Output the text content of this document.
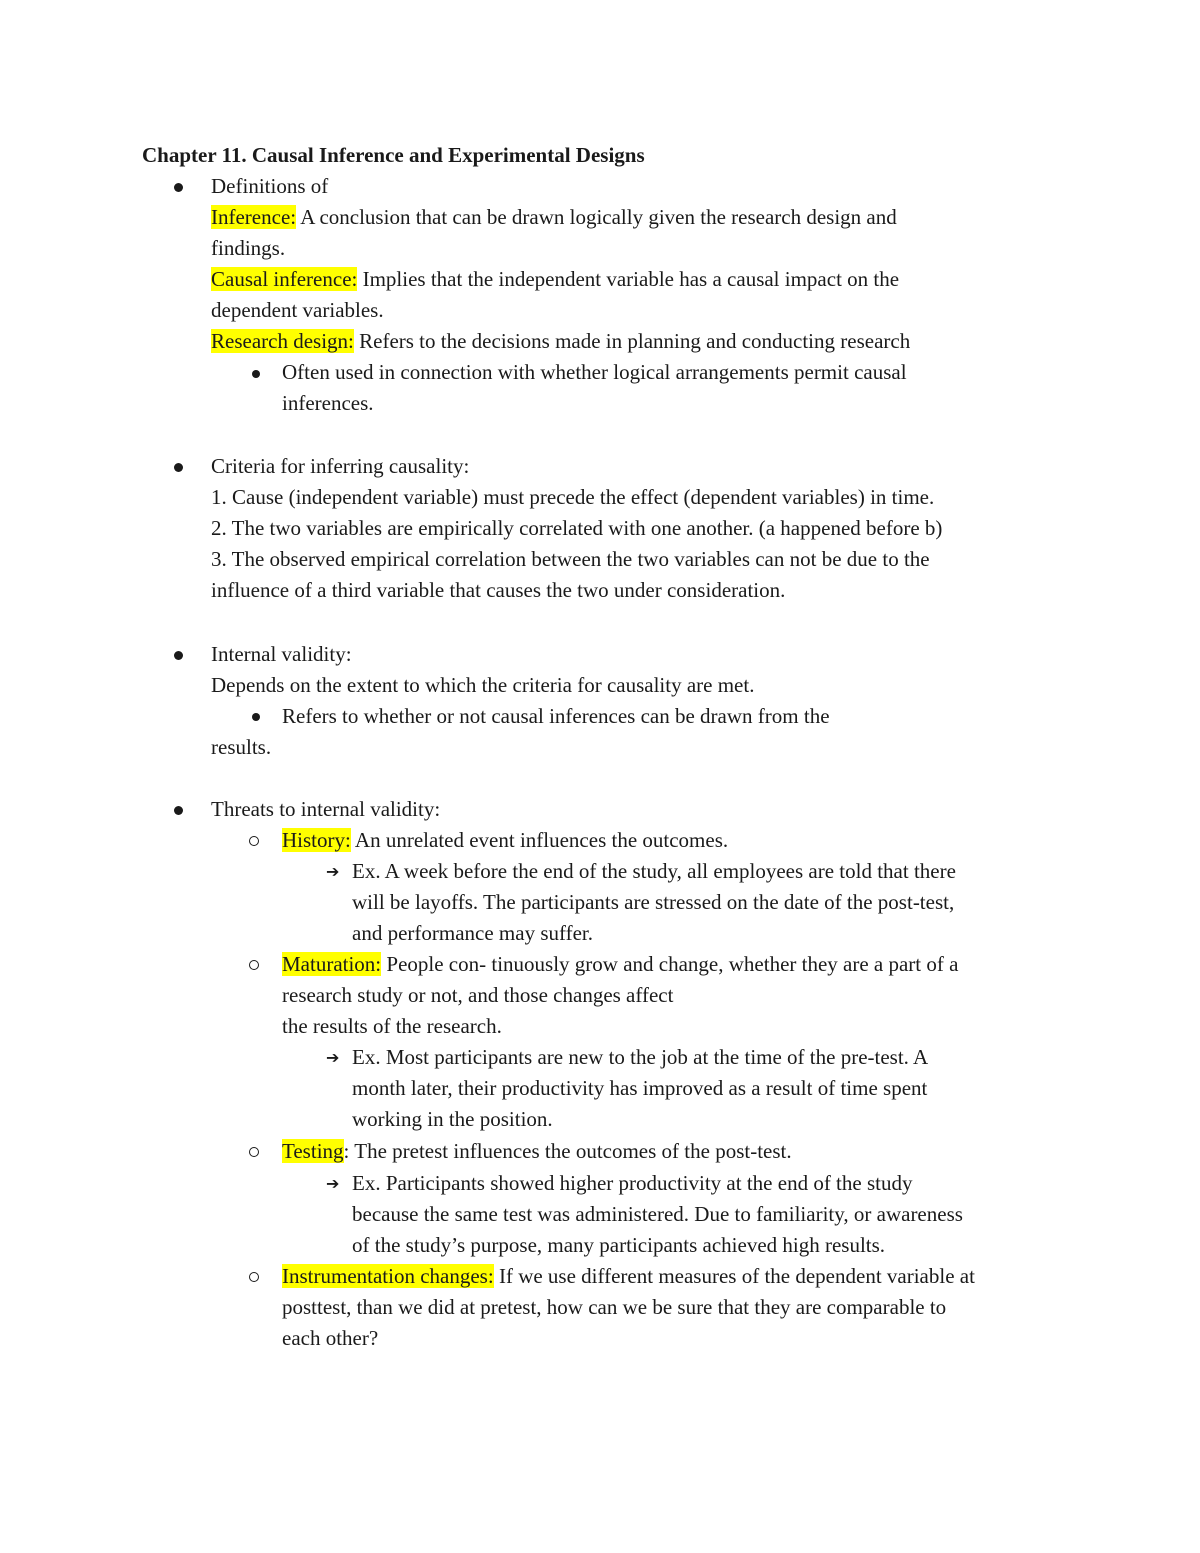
Chapter 11. Causal Inference and Experimental Designs
Definitions of
Inference: A conclusion that can be drawn logically given the research design and
findings.
Causal inference: Implies that the independent variable has a causal impact on the
dependent variables.
Research design: Refers to the decisions made in planning and conducting research
Often used in connection with whether logical arrangements permit causal
inferences.
Criteria for inferring causality:
1. Cause (independent variable) must precede the effect (dependent variables) in time.
2. The two variables are empirically correlated with one another. (a happened before b)
3. The observed empirical correlation between the two variables can not be due to the
influence of a third variable that causes the two under consideration.
Internal validity:
Depends on the extent to which the criteria for causality are met.
Refers to whether or not causal inferences can be drawn from the
results.
Threats to internal validity:
History: An unrelated event influences the outcomes.
➔ Ex. A week before the end of the study, all employees are told that there
will be layoffs. The participants are stressed on the date of the post-test,
and performance may suffer.
Maturation: People con- tinuously grow and change, whether they are a part of a
research study or not, and those changes affect
the results of the research.
➔ Ex. Most participants are new to the job at the time of the pre-test. A
month later, their productivity has improved as a result of time spent
working in the position.
Testing: The pretest influences the outcomes of the post-test.
➔ Ex. Participants showed higher productivity at the end of the study
because the same test was administered. Due to familiarity, or awareness
of the study’s purpose, many participants achieved high results.
Instrumentation changes: If we use different measures of the dependent variable at
posttest, than we did at pretest, how can we be sure that they are comparable to
each other?
